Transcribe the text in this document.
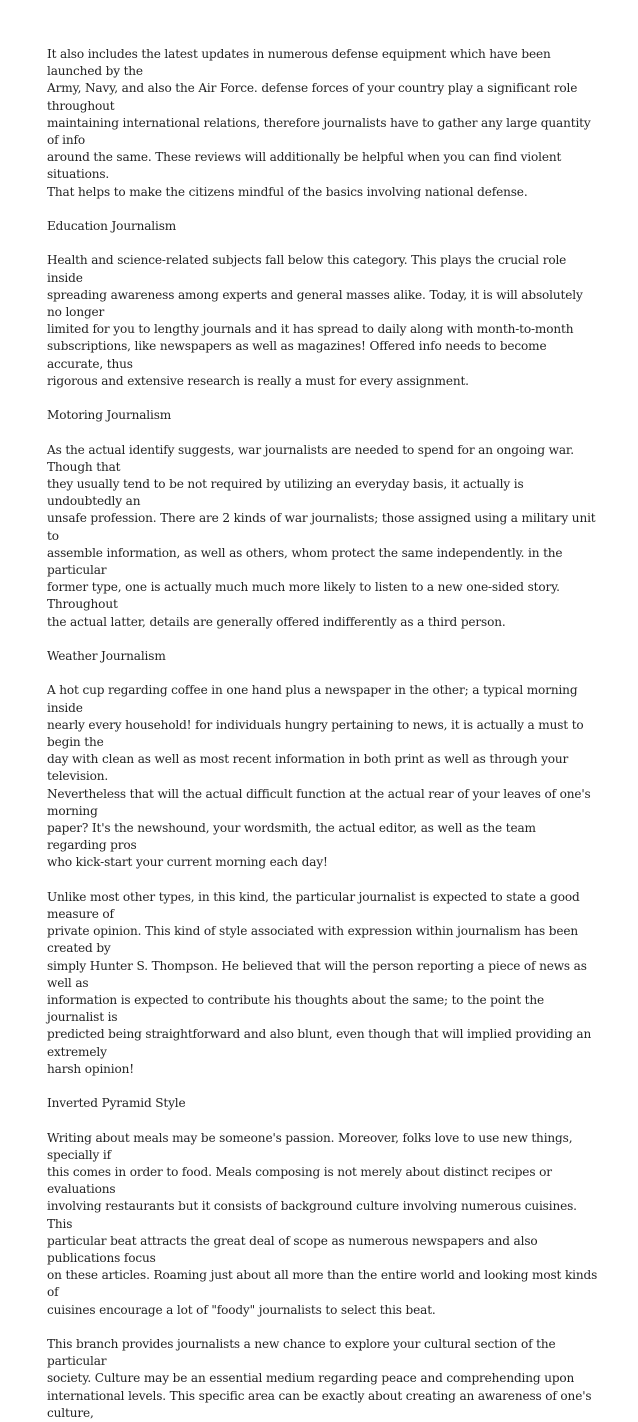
It also includes the latest updates in numerous defense equipment which have been launched by the
Army, Navy, and also the Air Force. defense forces of your country play a significant role throughout
maintaining international relations, therefore journalists have to gather any large quantity of info
around the same. These reviews will additionally be helpful when you can find violent situations.
That helps to make the citizens mindful of the basics involving national defense.
Education Journalism
Health and science-related subjects fall below this category. This plays the crucial role inside
spreading awareness among experts and general masses alike. Today, it is will absolutely no longer
limited for you to lengthy journals and it has spread to daily along with month-to-month
subscriptions, like newspapers as well as magazines! Offered info needs to become accurate, thus
rigorous and extensive research is really a must for every assignment.
Motoring Journalism
As the actual identify suggests, war journalists are needed to spend for an ongoing war. Though that
they usually tend to be not required by utilizing an everyday basis, it actually is undoubtedly an
unsafe profession. There are 2 kinds of war journalists; those assigned using a military unit to
assemble information, as well as others, whom protect the same independently. in the particular
former type, one is actually much much more likely to listen to a new one-sided story. Throughout
the actual latter, details are generally offered indifferently as a third person.
Weather Journalism
A hot cup regarding coffee in one hand plus a newspaper in the other; a typical morning inside
nearly every household! for individuals hungry pertaining to news, it is actually a must to begin the
day with clean as well as most recent information in both print as well as through your television.
Nevertheless that will the actual difficult function at the actual rear of your leaves of one's morning
paper? It's the newshound, your wordsmith, the actual editor, as well as the team regarding pros
who kick-start your current morning each day!
Unlike most other types, in this kind, the particular journalist is expected to state a good measure of
private opinion. This kind of style associated with expression within journalism has been created by
simply Hunter S. Thompson. He believed that will the person reporting a piece of news as well as
information is expected to contribute his thoughts about the same; to the point the journalist is
predicted being straightforward and also blunt, even though that will implied providing an extremely
harsh opinion!
Inverted Pyramid Style
Writing about meals may be someone's passion. Moreover, folks love to use new things, specially if
this comes in order to food. Meals composing is not merely about distinct recipes or evaluations
involving restaurants but it consists of background culture involving numerous cuisines. This
particular beat attracts the great deal of scope as numerous newspapers and also publications focus
on these articles. Roaming just about all more than the entire world and looking most kinds of
cuisines encourage a lot of "foody" journalists to select this beat.
This branch provides journalists a new chance to explore your cultural section of the particular
society. Culture may be an essential medium regarding peace and comprehending upon
international levels. This specific area can be exactly about creating an awareness of one's culture,
